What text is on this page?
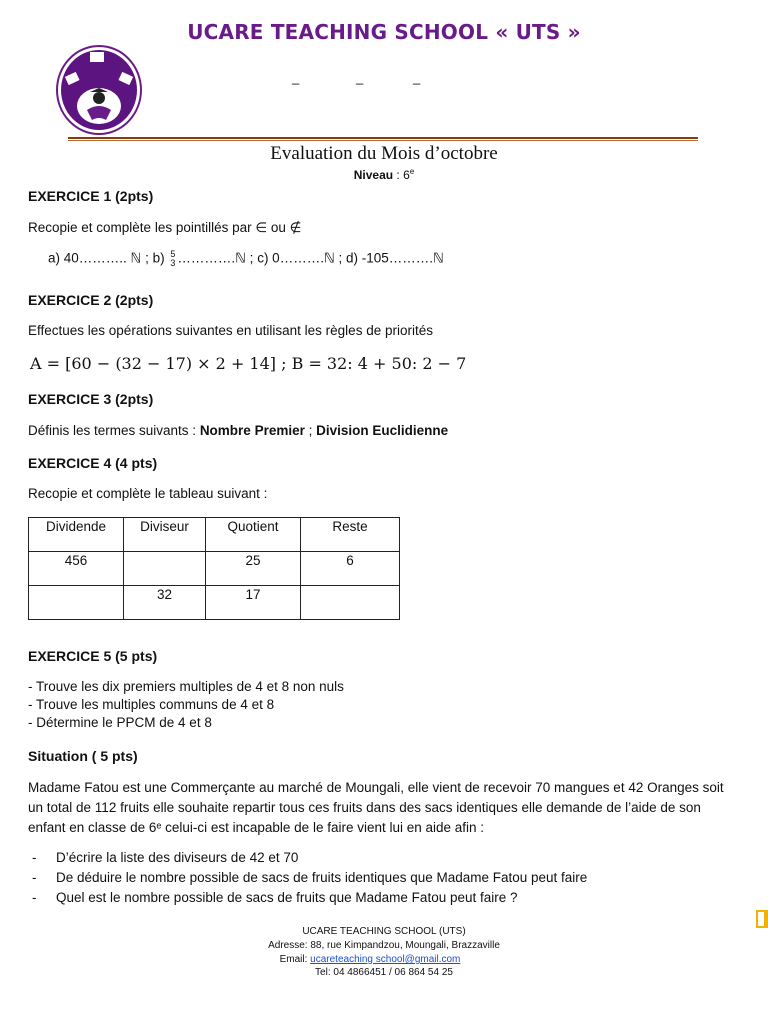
UCARE TEACHING SCHOOL « UTS »
_	_	_
Evaluation du Mois d’octobre
Niveau : 6e
EXERCICE 1 (2pts)
Recopie et complète les pointillés par ∈ ou ∉
a) 40……….. ℕ ; b) 5
3 ………….ℕ ; c) 0……….ℕ ; d) -105……….ℕ
EXERCICE 2 (2pts)
Effectues les opérations suivantes en utilisant les règles de priorités
A = [60 − (32 − 17) × 2 + 14] ; B = 32: 4 + 50: 2 − 7
EXERCICE 3 (2pts)
Définis les termes suivants : Nombre Premier ; Division Euclidienne
EXERCICE 4 (4 pts)
Recopie et complète le tableau suivant :
Dividende	Diviseur	Quotient	Reste
456		25	6
	32	17	
EXERCICE 5 (5 pts)
- Trouve les dix premiers multiples de 4 et 8 non nuls
- Trouve les multiples communs de 4 et 8
- Détermine le PPCM de 4 et 8
Situation ( 5 pts)
Madame Fatou est une Commerçante au marché de Moungali, elle vient de recevoir 70 mangues et 42 Oranges soit un total de 112 fruits elle souhaite repartir tous ces fruits dans des sacs identiques elle demande de l’aide de son enfant en classe de 6ᵉ celui-ci est incapable de le faire vient lui en aide afin :
- D’écrire la liste des diviseurs de 42 et 70
- De déduire le nombre possible de sacs de fruits identiques que Madame Fatou peut faire
- Quel est le nombre possible de sacs de fruits que Madame Fatou peut faire ?
UCARE TEACHING SCHOOL (UTS)
Adresse: 88, rue Kimpandzou, Moungali, Brazzaville
Email: ucareteaching school@gmail.com
Tel: 04 4866451 / 06 864 54 25
